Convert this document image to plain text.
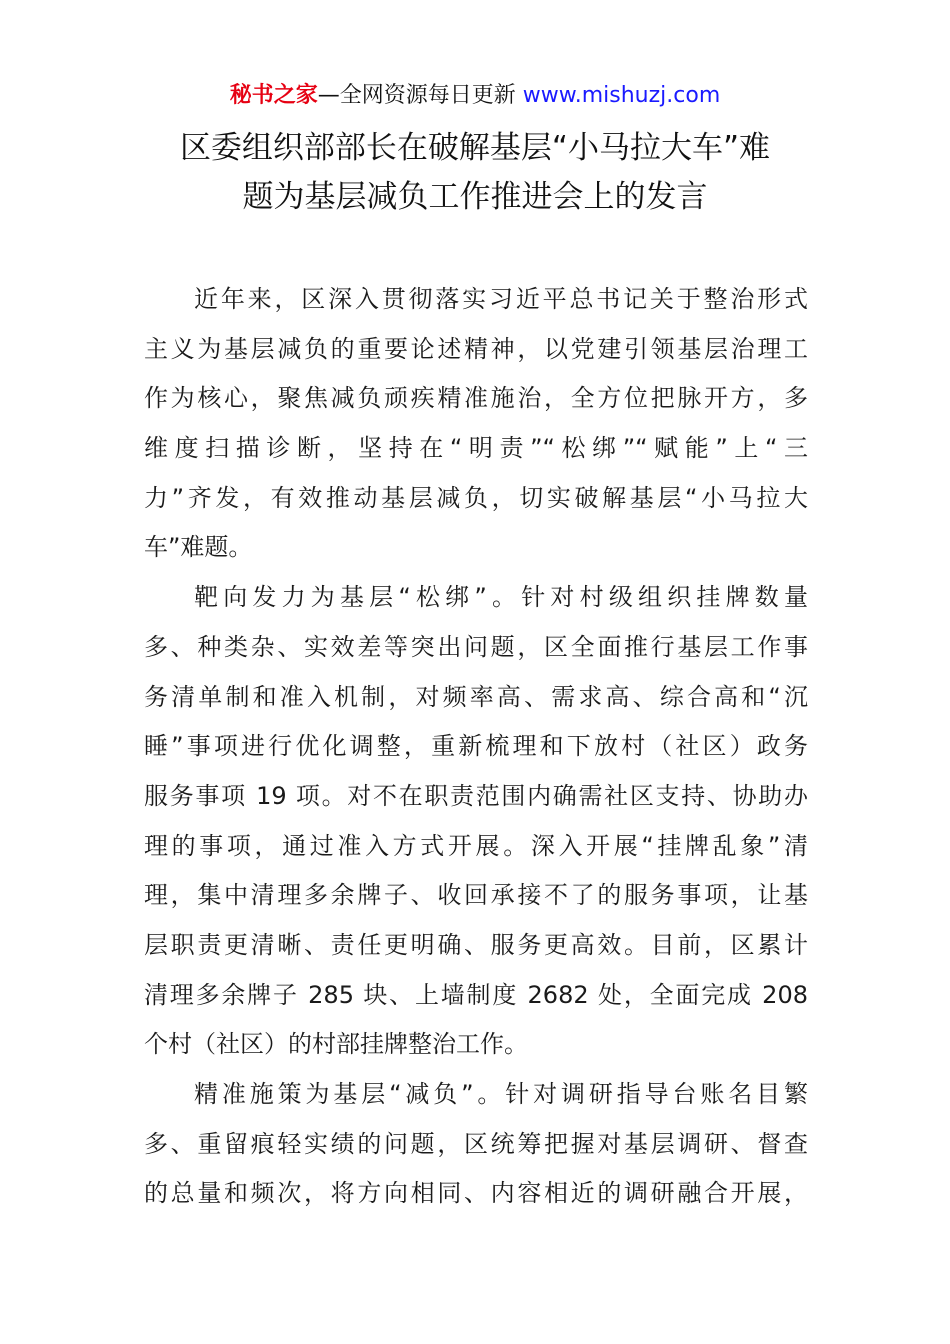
秘书之家—全网资源每日更新 www.mishuzj.com
区委组织部部长在破解基层“小马拉大车”难
题为基层减负工作推进会上的发言
近年来，区深入贯彻落实习近平总书记关于整治形式
主义为基层减负的重要论述精神，以党建引领基层治理工
作为核心，聚焦减负顽疾精准施治，全方位把脉开方，多
维度扫描诊断，坚持在“明责”“松绑”“赋能”上“三
力”齐发，有效推动基层减负，切实破解基层“小马拉大
车”难题。
靶向发力为基层“松绑”。针对村级组织挂牌数量
多、种类杂、实效差等突出问题，区全面推行基层工作事
务清单制和准入机制，对频率高、需求高、综合高和“沉
睡”事项进行优化调整，重新梳理和下放村（社区）政务
服务事项 19 项。对不在职责范围内确需社区支持、协助办
理的事项，通过准入方式开展。深入开展“挂牌乱象”清
理，集中清理多余牌子、收回承接不了的服务事项，让基
层职责更清晰、责任更明确、服务更高效。目前，区累计
清理多余牌子 285 块、上墙制度 2682 处，全面完成 208
个村（社区）的村部挂牌整治工作。
精准施策为基层“减负”。针对调研指导台账名目繁
多、重留痕轻实绩的问题，区统筹把握对基层调研、督查
的总量和频次，将方向相同、内容相近的调研融合开展，
